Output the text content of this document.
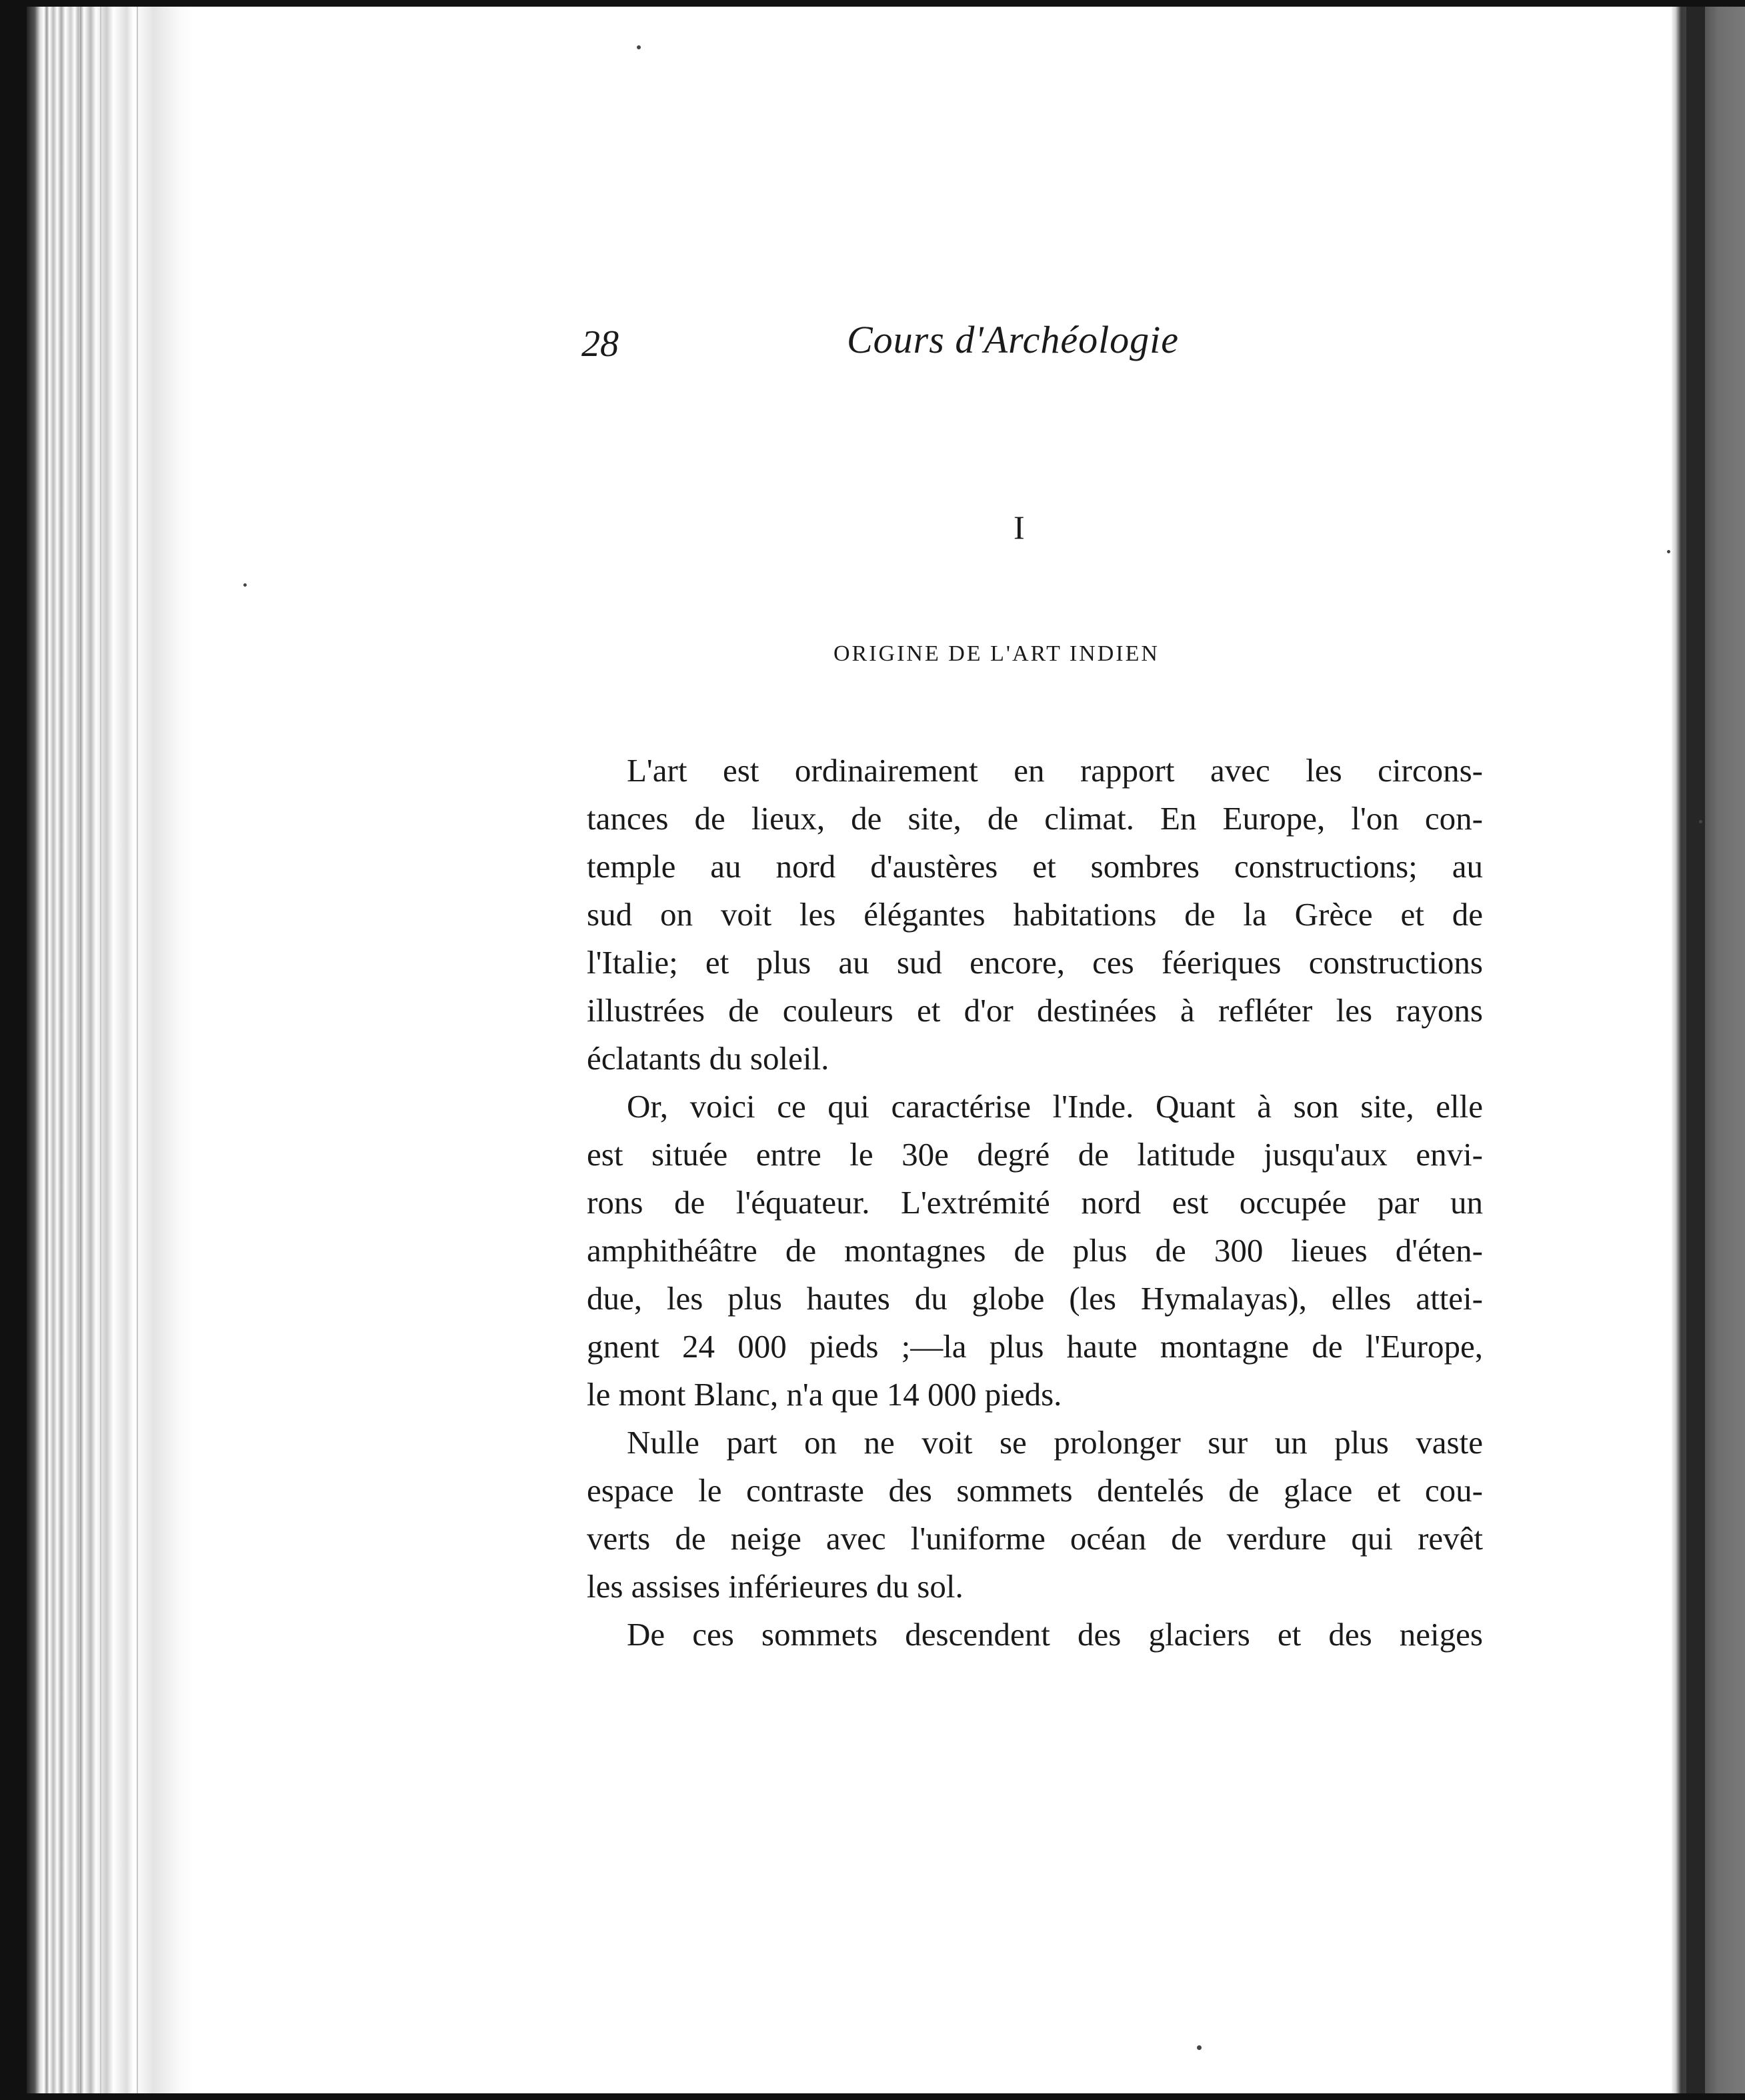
28	Cours d'Archéologie
I
ORIGINE DE L'ART INDIEN
L'art est ordinairement en rapport avec les circons-
tances de lieux, de site, de climat. En Europe, l'on con-
temple au nord d'austères et sombres constructions; au
sud on voit les élégantes habitations de la Grèce et de
l'Italie; et plus au sud encore, ces féeriques constructions
illustrées de couleurs et d'or destinées à refléter les rayons
éclatants du soleil.
Or, voici ce qui caractérise l'Inde. Quant à son site, elle
est située entre le 30e degré de latitude jusqu'aux envi-
rons de l'équateur. L'extrémité nord est occupée par un
amphithéâtre de montagnes de plus de 300 lieues d'éten-
due, les plus hautes du globe (les Hymalayas), elles attei-
gnent 24 000 pieds ;—la plus haute montagne de l'Europe,
le mont Blanc, n'a que 14 000 pieds.
Nulle part on ne voit se prolonger sur un plus vaste
espace le contraste des sommets dentelés de glace et cou-
verts de neige avec l'uniforme océan de verdure qui revêt
les assises inférieures du sol.
De ces sommets descendent des glaciers et des neiges
